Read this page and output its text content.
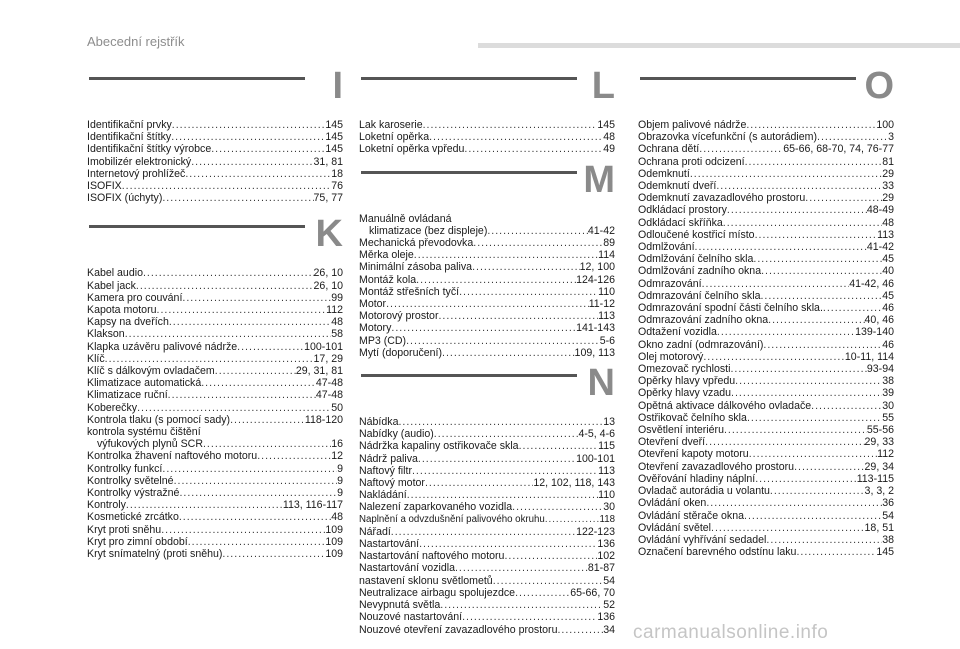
Abecední rejstřík
I
Identifikační prvky .....	145
Identifikační štítky .....	145
Identifikační štítky výrobce .....	145
Imobilizér elektronický .....	31, 81
Internetový prohlížeč .....	18
ISOFIX .....	76
ISOFIX (úchyty) .....	75, 77
K
Kabel audio .....	26, 10
Kabel jack .....	26, 10
Kamera pro couvání .....	99
Kapota motoru .....	112
Kapsy na dveřích .....	48
Klakson .....	58
Klapka uzávěru palivové nádrže .....	100-101
Klíč .....	17, 29
Klíč s dálkovým ovladačem .....	29, 31, 81
Klimatizace automatická .....	47-48
Klimatizace ruční .....	47-48
Koberečky .....	50
Kontrola tlaku (s pomocí sady) .....	118-120
kontrola systému čištění
výfukových plynů SCR .....	16
Kontrolka žhavení naftového motoru .....	12
Kontrolky funkcí .....	9
Kontrolky světelné .....	9
Kontrolky výstražné .....	9
Kontroly .....	113, 116-117
Kosmetické zrcátko .....	48
Kryt proti sněhu .....	109
Kryt pro zimní období .....	109
Kryt snímatelný (proti sněhu) .....	109
L
Lak karoserie .....	145
Loketní opěrka .....	48
Loketní opěrka vpředu .....	49
M
Manuálně ovládaná
klimatizace (bez displeje) .....	41-42
Mechanická převodovka .....	89
Měrka oleje .....	114
Minimální zásoba paliva .....	12, 100
Montáž kola .....	124-126
Montáž střešních tyčí .....	110
Motor .....	11-12
Motorový prostor .....	113
Motory .....	141-143
MP3 (CD) .....	5-6
Mytí (doporučení) .....	109, 113
N
Nábídka .....	13
Nabídky (audio) .....	4-5, 4-6
Nádržka kapaliny ostřikovače skla .....	115
Nádrž paliva .....	100-101
Naftový filtr .....	113
Naftový motor .....	12, 102, 118, 143
Nakládání .....	110
Nalezení zaparkovaného vozidla .....	30
Naplnění a odvzdušnění palivového okruhu .....	118
Nářadí .....	122-123
Nastartování .....	136
Nastartování naftového motoru .....	102
Nastartování vozidla .....	81-87
nastavení sklonu světlometů .....	54
Neutralizace airbagu spolujezdce .....	65-66, 70
Nevypnutá světla .....	52
Nouzové nastartování .....	136
Nouzové otevření zavazadlového prostoru .....	34
O
Objem palivové nádrže .....	100
Obrazovka vícefunkční (s autorádiem) .....	3
Ochrana dětí .....	65-66, 68-70, 74, 76-77
Ochrana proti odcizení .....	81
Odemknutí .....	29
Odemknutí dveří .....	33
Odemknutí zavazadlového prostoru .....	29
Odkládací prostory .....	48-49
Odkládací skříňka .....	48
Odloučené kostřicí místo .....	113
Odmlžování .....	41-42
Odmlžování čelního skla .....	45
Odmlžování zadního okna .....	40
Odmrazování .....	41-42, 46
Odmrazování čelního skla .....	45
Odmrazování spodní části čelního skla. .....	46
Odmrazování zadního okna .....	40, 46
Odtažení vozidla .....	139-140
Okno zadní (odmrazování) .....	46
Olej motorový .....	10-11, 114
Omezovač rychlosti .....	93-94
Opěrky hlavy vpředu .....	38
Opěrky hlavy vzadu .....	39
Opětná aktivace dálkového ovladače .....	30
Ostřikovač čelního skla .....	55
Osvětlení interiéru .....	55-56
Otevření dveří .....	29, 33
Otevření kapoty motoru .....	112
Otevření zavazadlového prostoru .....	29, 34
Ověřování hladiny náplní .....	113-115
Ovladač autorádia u volantu .....	3, 3, 2
Ovládání oken .....	36
Ovládání stěrače okna .....	54
Ovládání světel .....	18, 51
Ovládání vyhřívání sedadel .....	38
Označení barevného odstínu laku .....	145
carmanualsonline.info
